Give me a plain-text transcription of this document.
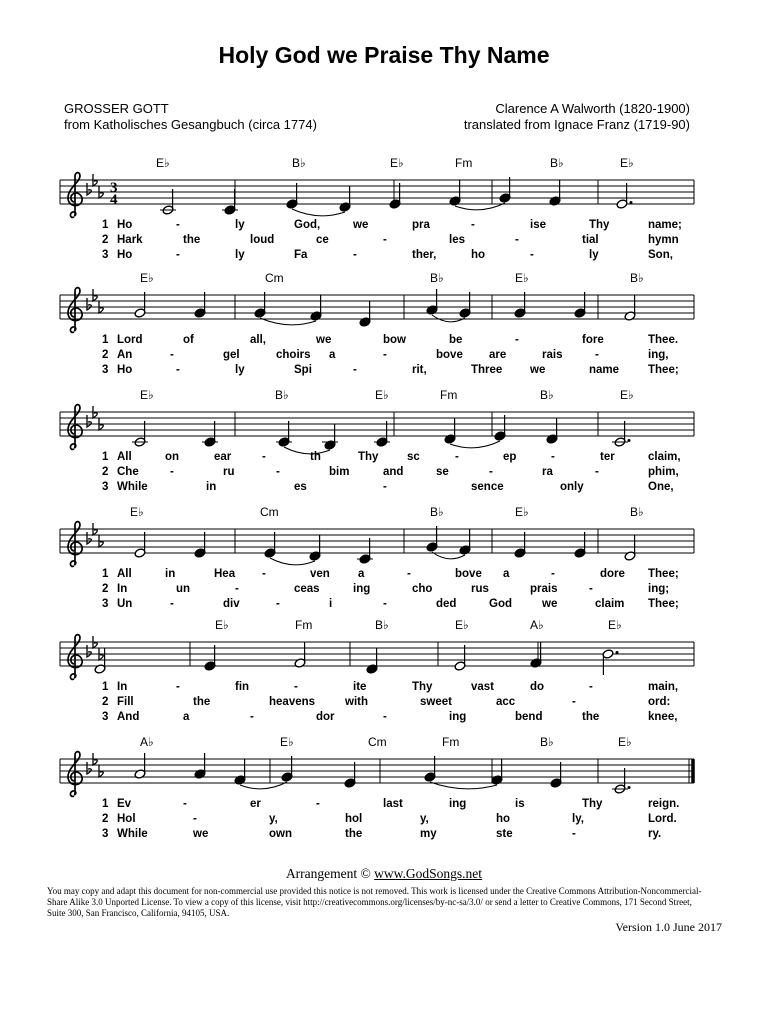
Holy God we Praise Thy Name
GROSSER GOTT
from Katholisches Gesangbuch (circa 1774)
Clarence A Walworth (1820-1900)
translated from Ignace Franz (1719-90)
3
4
E♭	B♭	E♭	Fm	B♭	E♭
1 Ho	-	ly	God,	we	pra	-	ise	Thy	name;
2 Hark	the	loud	ce	-	les	-	tial	hymn
3 Ho	-	ly	Fa	-	ther,	ho	-	ly	Son,
E♭	Cm	B♭	E♭	B♭
1 Lord	of	all,	we	bow	be	-	fore	Thee.
2 An	-	gel	choirs a	-	bove are	rais	-	ing,
3 Ho	-	ly	Spi	-	rit,	Three we	name	Thee;
E♭	B♭	E♭	Fm	B♭	E♭
1 All	on	ear	-	th	Thy sc	-	ep	-	ter	claim,
2 Che	-	ru	-	bim	and	se	-	ra	-	phim,
3 While	in	es	-	sence	only	One,
E♭	Cm	B♭	E♭	B♭
1 All	in	Hea -	ven a	-	bove a	-	dore Thee;
2 In	un	-	ceas	ing	cho	rus	prais	-	ing;
3 Un	-	div	-	i	-	ded	God	we	claim Thee;
E♭	Fm	B♭	E♭	A♭	E♭
1 In	-	fin	-	ite	Thy	vast	do	-	main,
2 Fill	the	heavens	with	sweet	acc	-	ord:
3 And	a	-	dor	-	ing	bend	the	knee,
A♭	E♭	Cm	Fm	B♭	E♭
1 Ev	-	er	-	last	ing	is	Thy	reign.
2 Hol	-	y,	hol	y,	ho	ly,	Lord.
3 While	we	own	the	my	ste	-	ry.
Arrangement © www.GodSongs.net
You may copy and adapt this document for non-commercial use provided this notice is not removed. This work is licensed under the Creative Commons Attribution-Noncommercial-Share Alike 3.0 Unported License. To view a copy of this license, visit http://creativecommons.org/licenses/by-nc-sa/3.0/ or send a letter to Creative Commons, 171 Second Street, Suite 300, San Francisco, California, 94105, USA.
Version 1.0 June 2017
